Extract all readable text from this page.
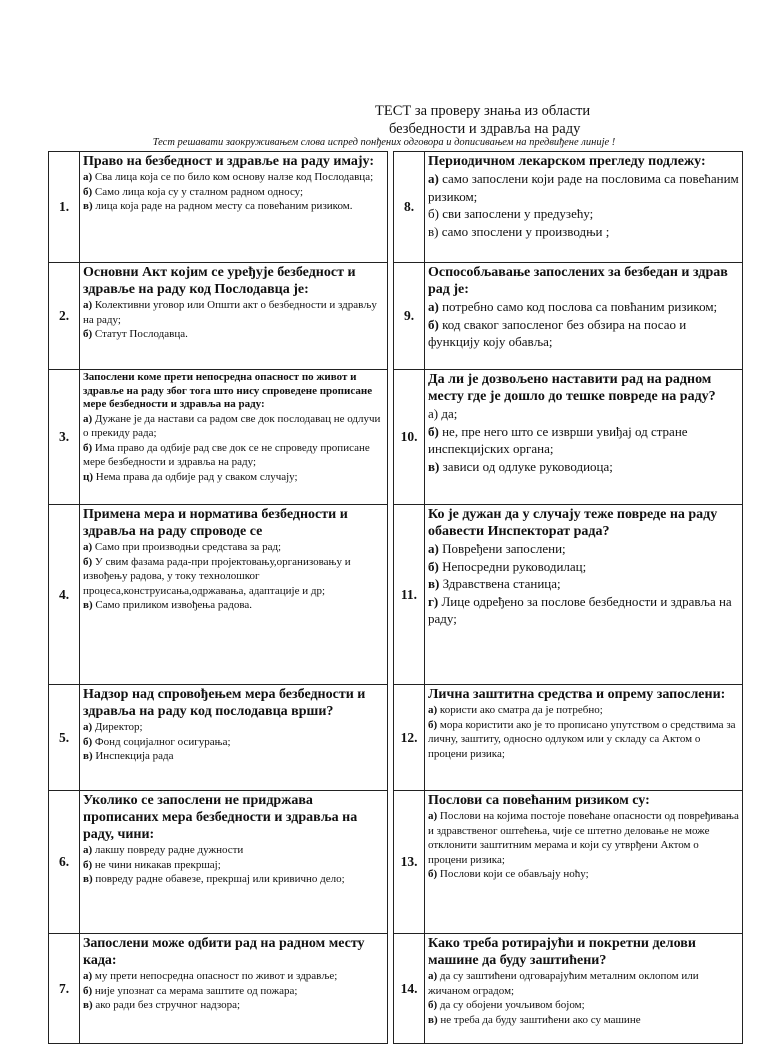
ТЕСТ за проверу знања из области
безбедности и здравља на раду
Тест решавати заокруживањем слова испред понђених одговора и дописивањем на предвиђене линије !
1.	Право на безбедност и здравље на раду имају:
а) Сва лица која се по било ком основу налзе код Послодавца;
б) Само лица која су у сталном радном односу;
в) лица која раде на радном месту са повећаним ризиком.

2.	Основни Акт којим се уређује безбедност и здравље на раду код Послодавца је:
а) Колективни уговор или Општи акт о безбедности и здрављу на раду;
б) Статут Послодавца.

3.	Запослени коме прети непосредна опасност по живот и здравље на раду због тога што нису спроведене прописане мере безбедности и здравља на раду:
а) Дужане је да настави са радом све док послодавац не одлучи о прекиду рада;
б) Има право да одбије рад све док се не спроведу прописане мере безбедности и здравља на раду;
ц) Нема права да одбије рад у сваком случају;

4.	Примена мера и норматива безбедности и здравља на раду спроводе се
а) Само при производњи средстава за рад;
б) У свим фазама рада-при пројектовању,организовању и извођењу радова, у току технолошког процеса,конструисања,одржавања, адаптације и др;
в) Само приликом извођења радова.

5.	Надзор над спровођењем мера безбедности и здравља на раду код послодавца врши?
а) Директор;
б) Фонд социјалног осигурања;
в) Инспекција рада

6.	Уколико се запослени не придржава прописаних мера безбедности и здравља на раду, чини:
а) лакшу повреду радне дужности
б) не чини никакав прекршај;
в) повреду радне обавезе, прекршај или кривично дело;

7.	Запослени може одбити рад на радном месту када:
а) му прети непосредна опасност по живот и здравље;
б) није упознат са мерама заштите од пожара;
в) ако ради без стручног надзора;
8.	Периодичном лекарском прегледу подлежу:
а) само запослени који раде на пословима са повећаним ризиком;
б) сви запослени у предузећу;
в) само зпослени у производњи ;

9.	Оспособљавање запослених за безбедан и здрав рад је:
а) потребно само код послова са повћаним ризиком;
б) код сваког запосленог без обзира на посао и функцију коју обавља;

10.	Да ли је дозвољено наставити рад на радном месту где је дошло до тешке повреде на раду?
а) да;
б) не, пре него што се изврши увиђај од стране инспекцијских органа;
в) зависи од одлуке руководиоца;

11.	Ко је дужан да у случају теже повреде на раду обавести Инспекторат рада?
а) Повређени запослени;
б) Непосредни руководилац;
в) Здравствена станица;
г) Лице одређено за послове безбедности и здравља на раду;

12.	Лична заштитна средства и опрему запослени:
а) користи ако сматра да је потребно;
б) мора користити ако је то прописано упутством о средствима за личну, заштиту, односно одлуком или у складу са Актом о процени ризика;

13.	Послови са повећаним ризиком су:
а) Послови на којима постоје повећане опасности од повређивања и здравственог оштећења, чије се штетно деловање не може отклонити заштитним мерама и који су утврђени Актом о процени ризика;
б) Послови који се обављају ноћу;

14.	Како треба ротирајући и покретни делови машине да буду заштићени?
а) да су заштићени одговарајућим металним оклопом или жичаном оградом;
б) да су обојени уочљивом бојом;
в) не треба да буду заштићени ако су машине
